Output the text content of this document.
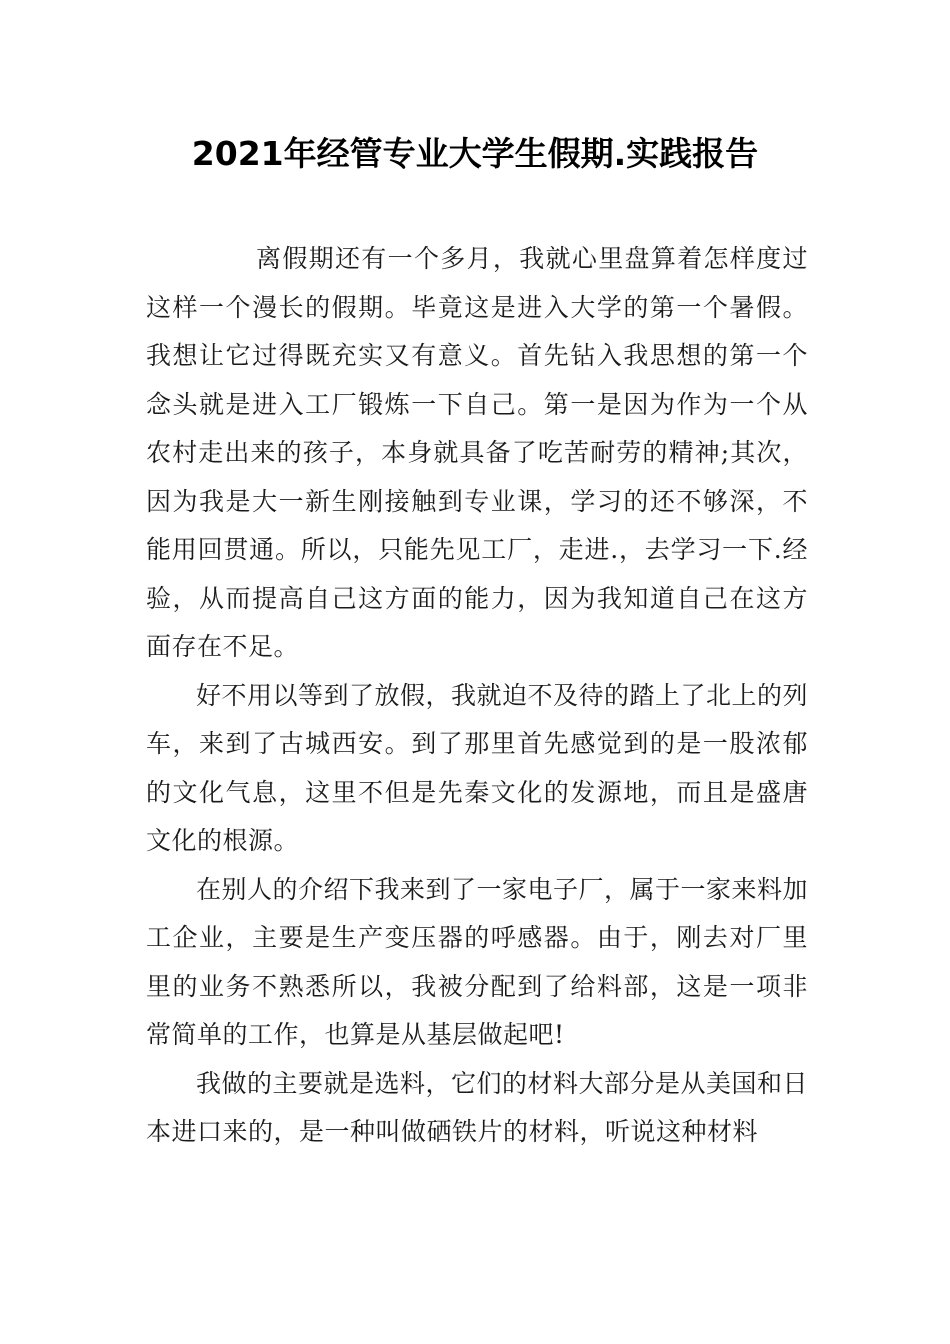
2021年经管专业大学生假期.实践报告

离假期还有一个多月，我就心里盘算着怎样度过这样一个漫长的假期。毕竟这是进入大学的第一个暑假。我想让它过得既充实又有意义。首先钻入我思想的第一个念头就是进入工厂锻炼一下自己。第一是因为作为一个从农村走出来的孩子，本身就具备了吃苦耐劳的精神;其次，因为我是大一新生刚接触到专业课，学习的还不够深，不能用回贯通。所以，只能先见工厂，走进.，去学习一下.经验，从而提高自己这方面的能力，因为我知道自己在这方面存在不足。

好不用以等到了放假，我就迫不及待的踏上了北上的列车，来到了古城西安。到了那里首先感觉到的是一股浓郁的文化气息，这里不但是先秦文化的发源地，而且是盛唐文化的根源。

在别人的介绍下我来到了一家电子厂，属于一家来料加工企业，主要是生产变压器的呼感器。由于，刚去对厂里里的业务不熟悉所以，我被分配到了给料部，这是一项非常简单的工作，也算是从基层做起吧!

我做的主要就是选料，它们的材料大部分是从美国和日本进口来的，是一种叫做硒铁片的材料，听说这种材料
